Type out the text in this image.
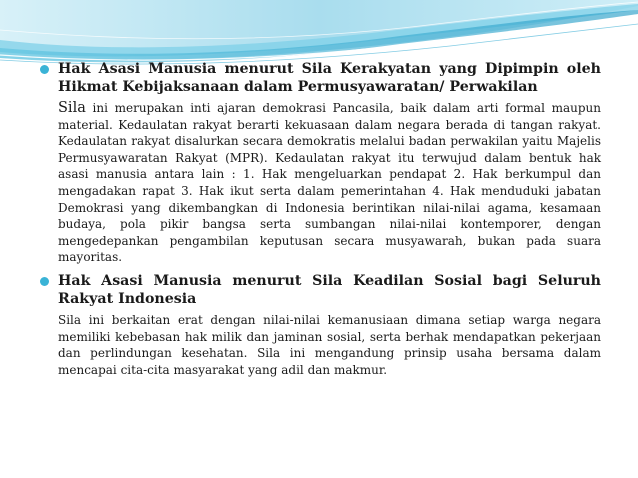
Hak Asasi Manusia menurut Sila Kerakyatan yang Dipimpin oleh Hikmat Kebijaksanaan dalam Permusyawaratan/ Perwakilan

Sila ini merupakan inti ajaran demokrasi Pancasila, baik dalam arti formal maupun material. Kedaulatan rakyat berarti kekuasaan dalam negara berada di tangan rakyat. Kedaulatan rakyat disalurkan secara demokratis melalui badan perwakilan yaitu Majelis Permusyawaratan Rakyat (MPR). Kedaulatan rakyat itu terwujud dalam bentuk hak asasi manusia antara lain : 1. Hak mengeluarkan pendapat 2. Hak berkumpul dan mengadakan rapat 3. Hak ikut serta dalam pemerintahan 4. Hak menduduki jabatan Demokrasi yang dikembangkan di Indonesia berintikan nilai-nilai agama, kesamaan budaya, pola pikir bangsa serta sumbangan nilai-nilai kontemporer, dengan mengedepankan pengambilan keputusan secara musyawarah, bukan pada suara mayoritas.

Hak Asasi Manusia menurut Sila Keadilan Sosial bagi Seluruh Rakyat Indonesia

Sila ini berkaitan erat dengan nilai-nilai kemanusiaan dimana setiap warga negara memiliki kebebasan hak milik dan jaminan sosial, serta berhak mendapatkan pekerjaan dan perlindungan kesehatan. Sila ini mengandung prinsip usaha bersama dalam mencapai cita-cita masyarakat yang adil dan makmur.
